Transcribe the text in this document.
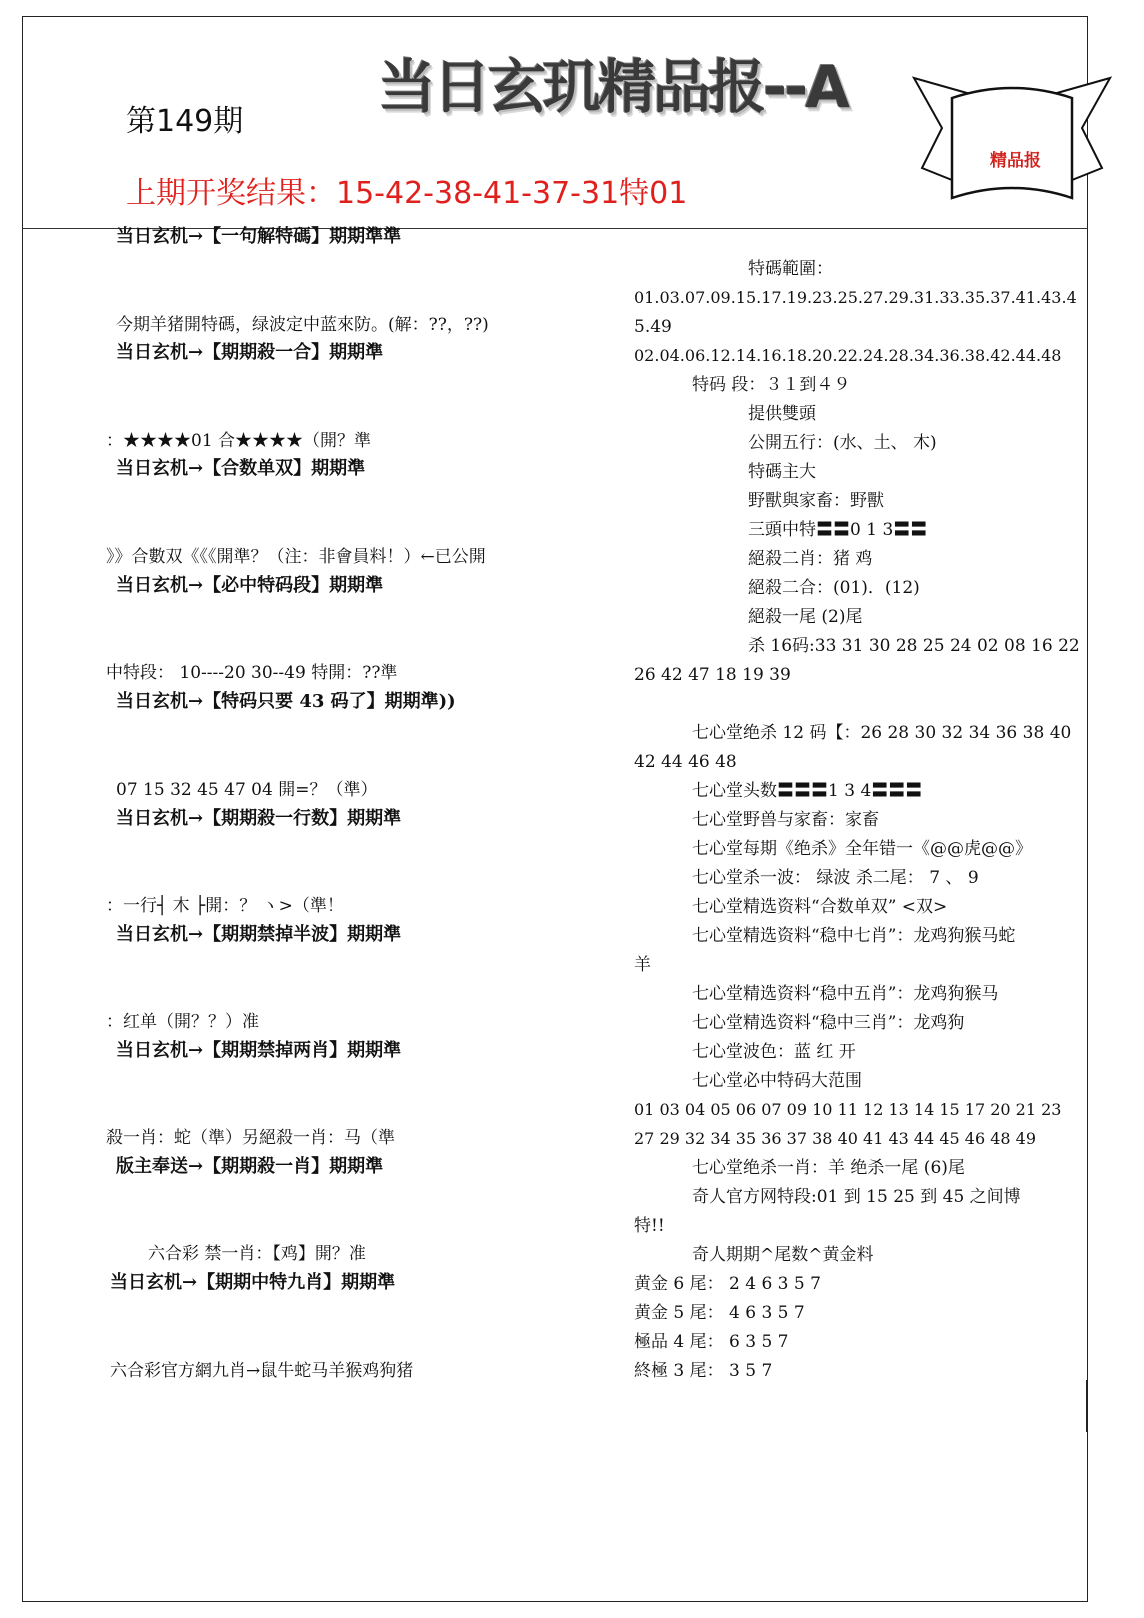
当日玄玑精品报--A
第149期
上期开奖结果：15-42-38-41-37-31特01
精品报
当日玄机→【一句解特碼】期期準準
今期羊猪開特碼，绿波定中蓝來防。(解：??，??)
当日玄机→【期期殺一合】期期準
：★★★★01 合★★★★（開？準
当日玄机→【合数单双】期期準
》》合數双《《《開準？（注：非會員料！）←已公開
当日玄机→【必中特码段】期期準
中特段： 10----20 30--49 特開：??準
当日玄机→【特码只要 43 码了】期期準))
07 15 32 45 47 04 開=？（準）
当日玄机→【期期殺一行数】期期準
：一行┤ 木 ├開：？ ヽ>（準！
当日玄机→【期期禁掉半波】期期準
：红单（開？？）准
当日玄机→【期期禁掉两肖】期期準
殺一肖：蛇（準）另絕殺一肖：马（準
版主奉送→【期期殺一肖】期期準
六合彩 禁一肖：【鸡】開？准
当日玄机→【期期中特九肖】期期準
六合彩官方網九肖→鼠牛蛇马羊猴鸡狗猪
特碼範圍：
01.03.07.09.15.17.19.23.25.27.29.31.33.35.37.41.43.4
5.49
02.04.06.12.14.16.18.20.22.24.28.34.36.38.42.44.48
特码 段：３１到４９
提供雙頭
公開五行：(水、土、 木)
特碼主大
野獸與家畜：野獸
三頭中特〓〓0 1 3〓〓
絕殺二肖：猪 鸡
絕殺二合：(01)．(12)
絕殺一尾 (2)尾
杀 16码:33 31 30 28 25 24 02 08 16 22
26 42 47 18 19 39
七心堂绝杀 12 码【：26 28 30 32 34 36 38 40
42 44 46 48
七心堂头数〓〓〓1 3 4〓〓〓
七心堂野兽与家畜：家畜
七心堂每期《绝杀》全年错一《@@虎@@》
七心堂杀一波： 绿波 杀二尾： 7 、 9
七心堂精选资料“合数单双” <双>
七心堂精选资料“稳中七肖”：龙鸡狗猴马蛇
羊
七心堂精选资料“稳中五肖”：龙鸡狗猴马
七心堂精选资料“稳中三肖”：龙鸡狗
七心堂波色：蓝 红 开
七心堂必中特码大范围
01 03 04 05 06 07 09 10 11 12 13 14 15 17 20 21 23
27 29 32 34 35 36 37 38 40 41 43 44 45 46 48 49
七心堂绝杀一肖：羊 绝杀一尾 (6)尾
奇人官方网特段:01 到 15 25 到 45 之间博
特!!
奇人期期^尾数^黄金料
黄金 6 尾： 2 4 6 3 5 7
黄金 5 尾： 4 6 3 5 7
極品 4 尾： 6 3 5 7
終極 3 尾： 3 5 7
